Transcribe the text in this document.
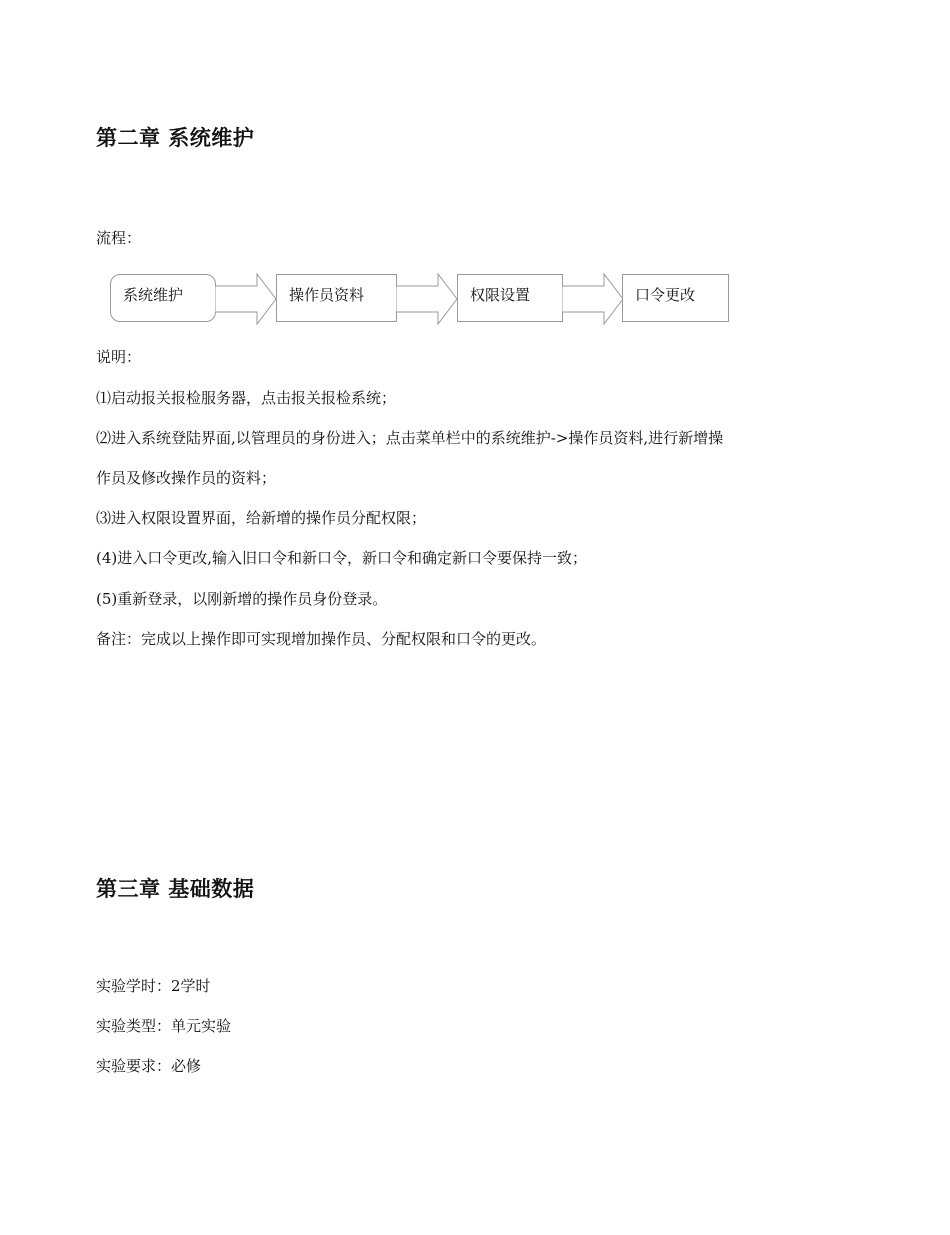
第二章 系统维护

流程：

系统维护	操作员资料	权限设置	口令更改

说明：

⑴启动报关报检服务器，点击报关报检系统；

⑵进入系统登陆界面,以管理员的身份进入；点击菜单栏中的系统维护->操作员资料,进行新增操

作员及修改操作员的资料；

⑶进入权限设置界面，给新增的操作员分配权限；

(4)进入口令更改,输入旧口令和新口令，新口令和确定新口令要保持一致；

(5)重新登录，以刚新增的操作员身份登录。

备注：完成以上操作即可实现增加操作员、分配权限和口令的更改。

第三章 基础数据

实验学时：2学时

实验类型：单元实验

实验要求：必修
